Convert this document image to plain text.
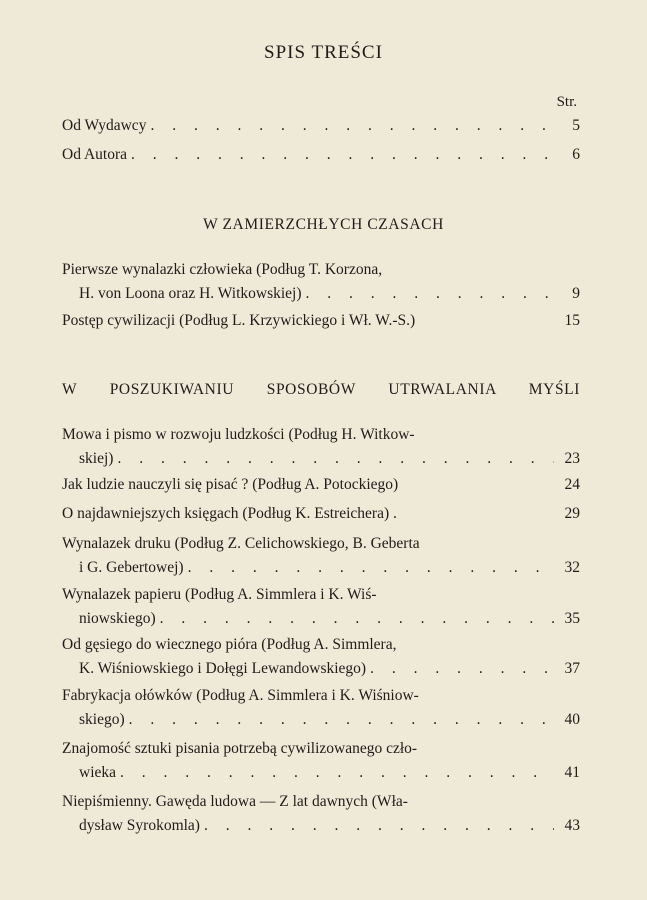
SPIS TREŚCI
Str.
Od Wydawcy . . .	5
Od Autora . . .	6
W ZAMIERZCHŁYCH CZASACH
Pierwsze wynalazki człowieka (Podług T. Korzona,
H. von Loona oraz H. Witkowskiej) . . .	9
Postęp cywilizacji (Podług L. Krzywickiego i Wł. W.-S.)	15
W POSZUKIWANIU SPOSOBÓW UTRWALANIA MYŚLI
Mowa i pismo w rozwoju ludzkości (Podług H. Witkow-
skiej) . . .	23
Jak ludzie nauczyli się pisać ? (Podług A. Potockiego)	24
O najdawniejszych księgach (Podług K. Estreichera) .	29
Wynalazek druku (Podług Z. Celichowskiego, B. Geberta
i G. Gebertowej) . . .	32
Wynalazek papieru (Podług A. Simmlera i K. Wiś-
niowskiego) . . .	35
Od gęsiego do wiecznego pióra (Podług A. Simmlera,
K. Wiśniowskiego i Dołęgi Lewandowskiego) . . .	37
Fabrykacja ołówków (Podług A. Simmlera i K. Wiśniow-
skiego) . . .	40
Znajomość sztuki pisania potrzebą cywilizowanego czło-
wieka . . .	41
Niepiśmienny. Gawęda ludowa — Z lat dawnych (Wła-
dysław Syrokomla) . . .	43
